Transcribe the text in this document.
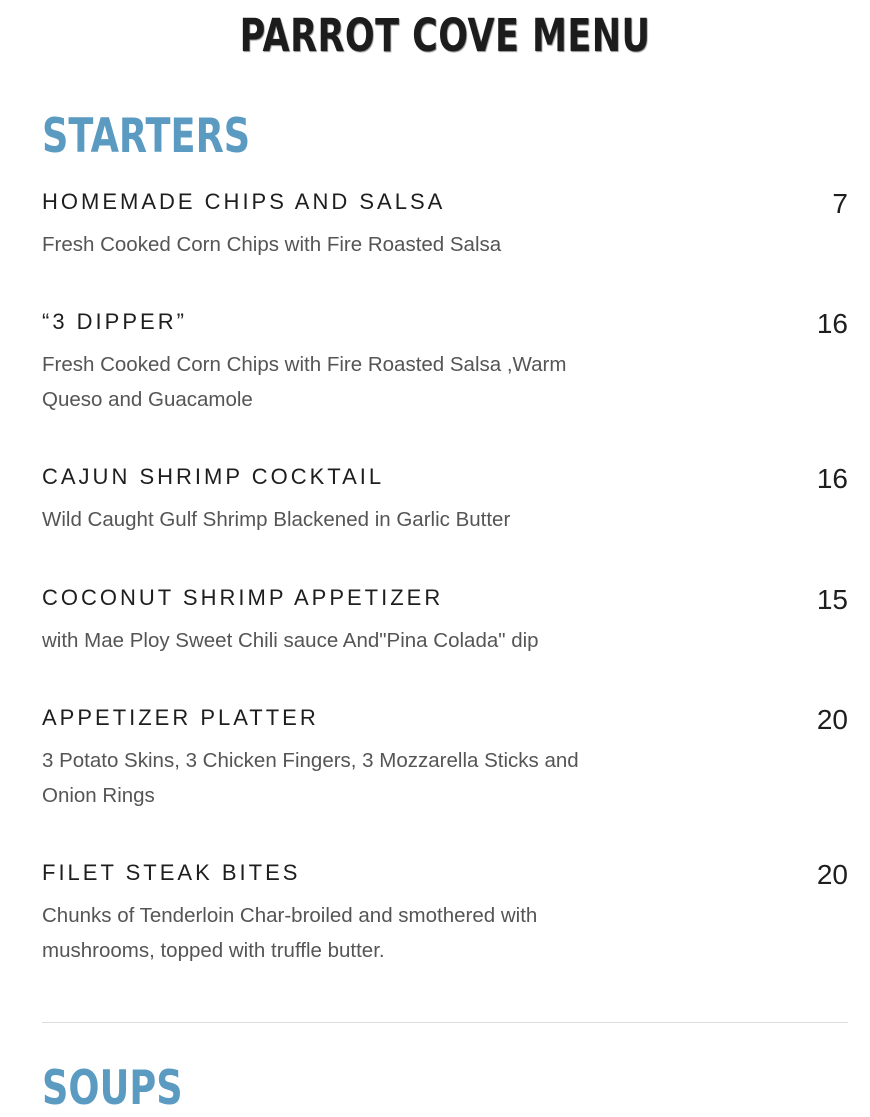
PARROT COVE MENU
STARTERS
HOMEMADE CHIPS AND SALSA	7
Fresh Cooked Corn Chips with Fire Roasted Salsa
“3 DIPPER”	16
Fresh Cooked Corn Chips with Fire Roasted Salsa ,Warm Queso and Guacamole
CAJUN SHRIMP COCKTAIL	16
Wild Caught Gulf Shrimp Blackened in Garlic Butter
COCONUT SHRIMP APPETIZER	15
with Mae Ploy Sweet Chili sauce And"Pina Colada" dip
APPETIZER PLATTER	20
3 Potato Skins, 3 Chicken Fingers, 3 Mozzarella Sticks and Onion Rings
FILET STEAK BITES	20
Chunks of Tenderloin Char-broiled and smothered with mushrooms, topped with truffle butter.
SOUPS
